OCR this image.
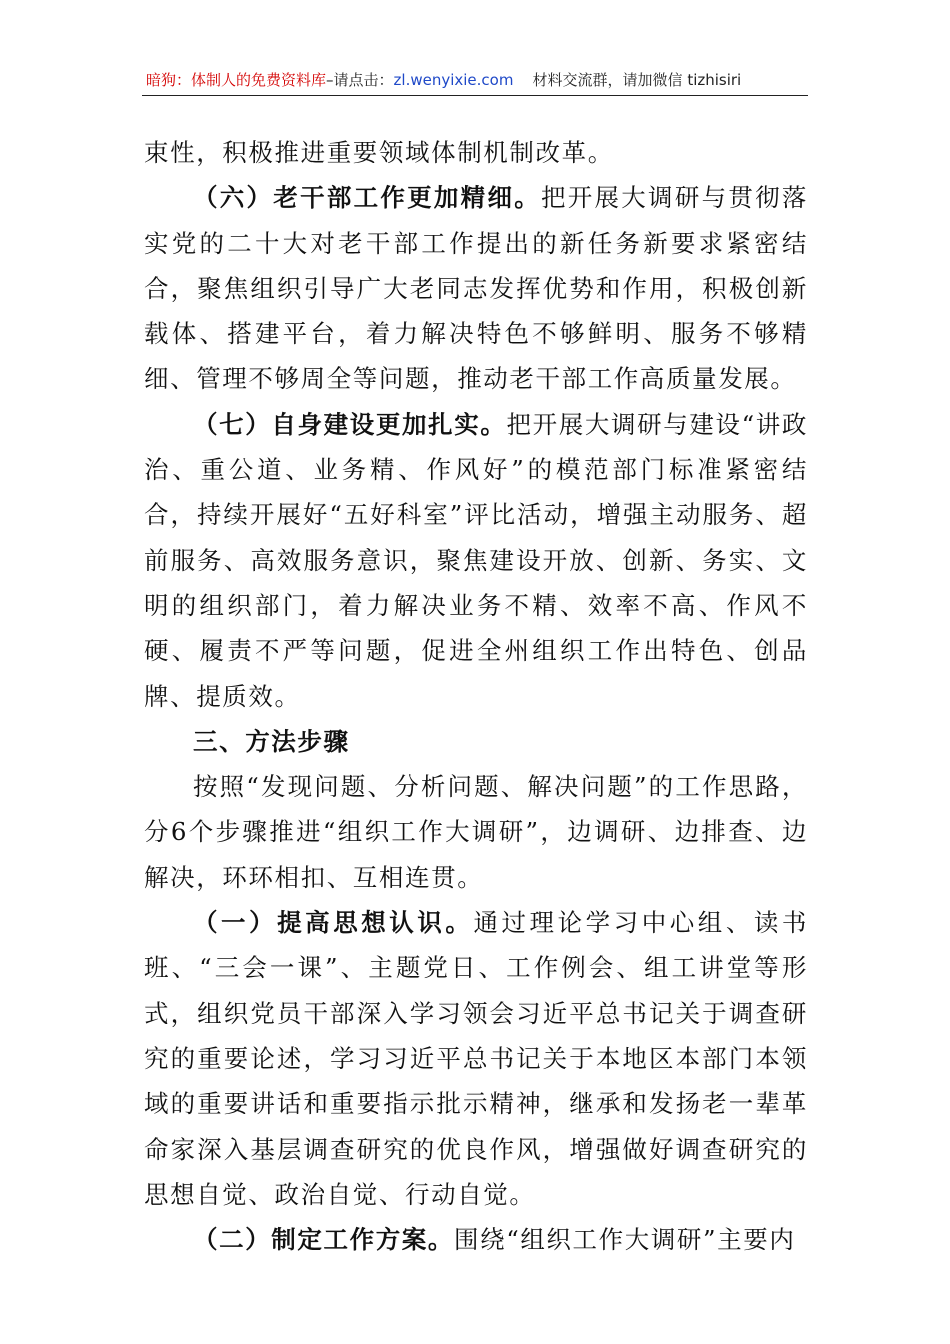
暗狗：体制人的免费资料库–请点击：zl.wenyixie.com 材料交流群，请加微信 tizhisiri

束性，积极推进重要领域体制机制改革。

（六）老干部工作更加精细。把开展大调研与贯彻落实党的二十大对老干部工作提出的新任务新要求紧密结合，聚焦组织引导广大老同志发挥优势和作用，积极创新载体、搭建平台，着力解决特色不够鲜明、服务不够精细、管理不够周全等问题，推动老干部工作高质量发展。

（七）自身建设更加扎实。把开展大调研与建设“讲政治、重公道、业务精、作风好”的模范部门标准紧密结合，持续开展好“五好科室”评比活动，增强主动服务、超前服务、高效服务意识，聚焦建设开放、创新、务实、文明的组织部门，着力解决业务不精、效率不高、作风不硬、履责不严等问题，促进全州组织工作出特色、创品牌、提质效。

三、方法步骤

按照“发现问题、分析问题、解决问题”的工作思路，分6个步骤推进“组织工作大调研”，边调研、边排查、边解决，环环相扣、互相连贯。

（一）提高思想认识。通过理论学习中心组、读书班、“三会一课”、主题党日、工作例会、组工讲堂等形式，组织党员干部深入学习领会习近平总书记关于调查研究的重要论述，学习习近平总书记关于本地区本部门本领域的重要讲话和重要指示批示精神，继承和发扬老一辈革命家深入基层调查研究的优良作风，增强做好调查研究的思想自觉、政治自觉、行动自觉。

（二）制定工作方案。围绕“组织工作大调研”主要内
